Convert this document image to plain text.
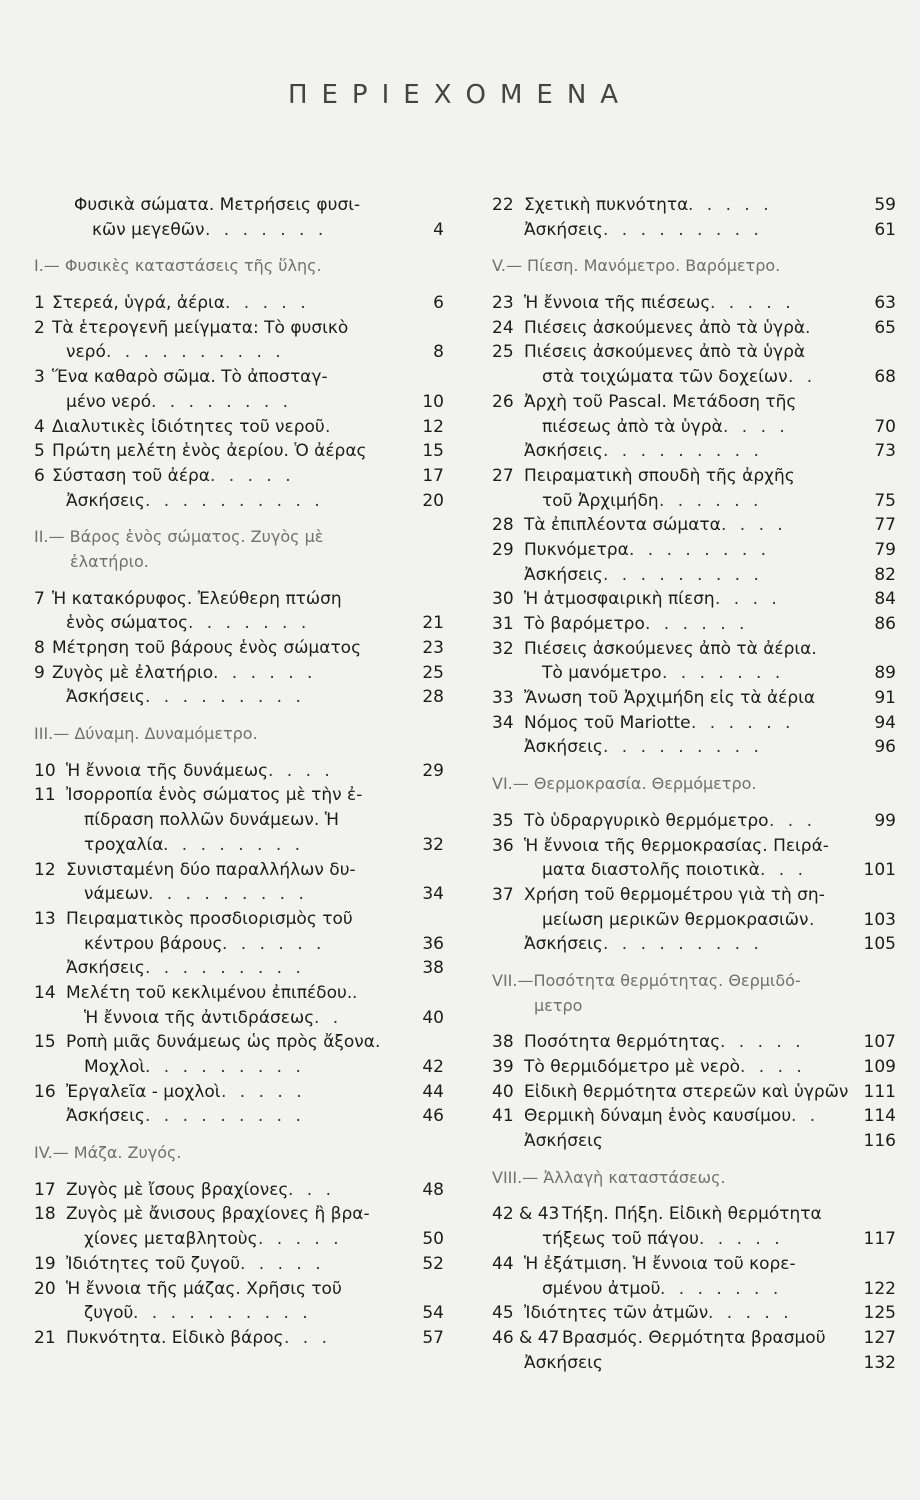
ΠΕΡΙΕΧΟΜΕΝΑ
Φυσικὰ σώματα. Μετρήσεις φυσι-
κῶν μεγεθῶν . . . . . . .	4
I.— Φυσικὲς καταστάσεις τῆς ὕλης.
1 Στερεά, ὑγρά, ἀέρια . . . . .	6
2 Τὰ ἑτερογενῆ μείγματα: Τὸ φυσικὸ
νερό . . . . . . . . . .	8
3 Ἕνα καθαρὸ σῶμα. Τὸ ἀποσταγ-
μένο νερό . . . . . . . .	10
4 Διαλυτικὲς ἰδιότητες τοῦ νεροῦ .	12
5 Πρώτη μελέτη ἑνὸς ἀερίου. Ὁ ἀέρας	15
6 Σύσταση τοῦ ἀέρα . . . . .	17
Ἀσκήσεις . . . . . . . . . .	20
II.— Βάρος ἑνὸς σώματος. Ζυγὸς μὲ
ἐλατήριο.
7 Ἡ κατακόρυφος. Ἐλεύθερη πτώση
ἑνὸς σώματος . . . . . . .	21
8 Μέτρηση τοῦ βάρους ἑνὸς σώματος	23
9 Ζυγὸς μὲ ἐλατήριο . . . . . .	25
Ἀσκήσεις . . . . . . . . .	28
III.— Δύναμη. Δυναμόμετρο.
10 Ἡ ἔννοια τῆς δυνάμεως . . . .	29
11 Ἰσορροπία ἑνὸς σώματος μὲ τὴν ἐ-
πίδραση πολλῶν δυνάμεων. Ἡ
τροχαλία . . . . . . . .	32
12 Συνισταμένη δύο παραλλήλων δυ-
νάμεων . . . . . . . . .	34
13 Πειραματικὸς προσδιορισμὸς τοῦ
κέντρου βάρους . . . . . .	36
Ἀσκήσεις . . . . . . . . .	38
14 Μελέτη τοῦ κεκλιμένου ἐπιπέδου. .
Ἡ ἔννοια τῆς ἀντιδράσεως . .	40
15 Ροπὴ μιᾶς δυνάμεως ὡς πρὸς ἄξονα.
Μοχλοὶ . . . . . . . . .	42
16 Ἐργαλεῖα - μοχλοὶ . . . . .	44
Ἀσκήσεις . . . . . . . . .	46
IV.— Μάζα. Ζυγός.
17 Ζυγὸς μὲ ἴσους βραχίονες . . .	48
18 Ζυγὸς μὲ ἄνισους βραχίονες ἢ βρα-
χίονες μεταβλητοὺς . . . . .	50
19 Ἰδιότητες τοῦ ζυγοῦ . . . . .	52
20 Ἡ ἔννοια τῆς μάζας. Χρῆσις τοῦ
ζυγοῦ . . . . . . . . . .	54
21 Πυκνότητα. Εἰδικὸ βάρος . . .	57
22 Σχετικὴ πυκνότητα . . . . .	59
Ἀσκήσεις . . . . . . . . .	61
V.— Πίεση. Μανόμετρο. Βαρόμετρο.
23 Ἡ ἔννοια τῆς πιέσεως . . . . .	63
24 Πιέσεις ἀσκούμενες ἀπὸ τὰ ὑγρὰ .	65
25 Πιέσεις ἀσκούμενες ἀπὸ τὰ ὑγρὰ
στὰ τοιχώματα τῶν δοχείων . .	68
26 Ἀρχὴ τοῦ Pascal. Μετάδοση τῆς
πιέσεως ἀπὸ τὰ ὑγρὰ . . . .	70
Ἀσκήσεις . . . . . . . . .	73
27 Πειραματικὴ σπουδὴ τῆς ἀρχῆς
τοῦ Ἀρχιμήδη . . . . . .	75
28 Τὰ ἐπιπλέοντα σώματα . . . .	77
29 Πυκνόμετρα . . . . . . . .	79
Ἀσκήσεις . . . . . . . . .	82
30 Ἡ ἀτμοσφαιρικὴ πίεση . . . .	84
31 Τὸ βαρόμετρο . . . . . .	86
32 Πιέσεις ἀσκούμενες ἀπὸ τὰ ἀέρια.
Τὸ μανόμετρο . . . . . . .	89
33 Ἄνωση τοῦ Ἀρχιμήδη εἰς τὰ ἀέρια	91
34 Νόμος τοῦ Mariotte . . . . . .	94
Ἀσκήσεις . . . . . . . . .	96
VI.— Θερμοκρασία. Θερμόμετρο.
35 Τὸ ὑδραργυρικὸ θερμόμετρο . . .	99
36 Ἡ ἔννοια τῆς θερμοκρασίας. Πειρά-
ματα διαστολῆς ποιοτικὰ . . .	101
37 Χρήση τοῦ θερμομέτρου γιὰ τὴ ση-
μείωση μερικῶν θερμοκρασιῶν .	103
Ἀσκήσεις . . . . . . . . .	105
VII.—Ποσότητα θερμότητας. Θερμιδό-
μετρο
38 Ποσότητα θερμότητας . . . . .	107
39 Τὸ θερμιδόμετρο μὲ νερὸ . . . .	109
40 Εἰδικὴ θερμότητα στερεῶν καὶ ὑγρῶν 111
41 Θερμικὴ δύναμη ἑνὸς καυσίμου . .	114
Ἀσκήσεις	116
VIII.— Ἀλλαγὴ καταστάσεως.
42 & 43 Τήξη. Πήξη. Εἰδικὴ θερμότητα
τήξεως τοῦ πάγου . . . . .	117
44 Ἡ ἐξάτμιση. Ἡ ἔννοια τοῦ κορε-
σμένου ἀτμοῦ . . . . . . .	122
45 Ἰδιότητες τῶν ἀτμῶν . . . . .	125
46 & 47 Βρασμός. Θερμότητα βρασμοῦ 127
Ἀσκήσεις	132
